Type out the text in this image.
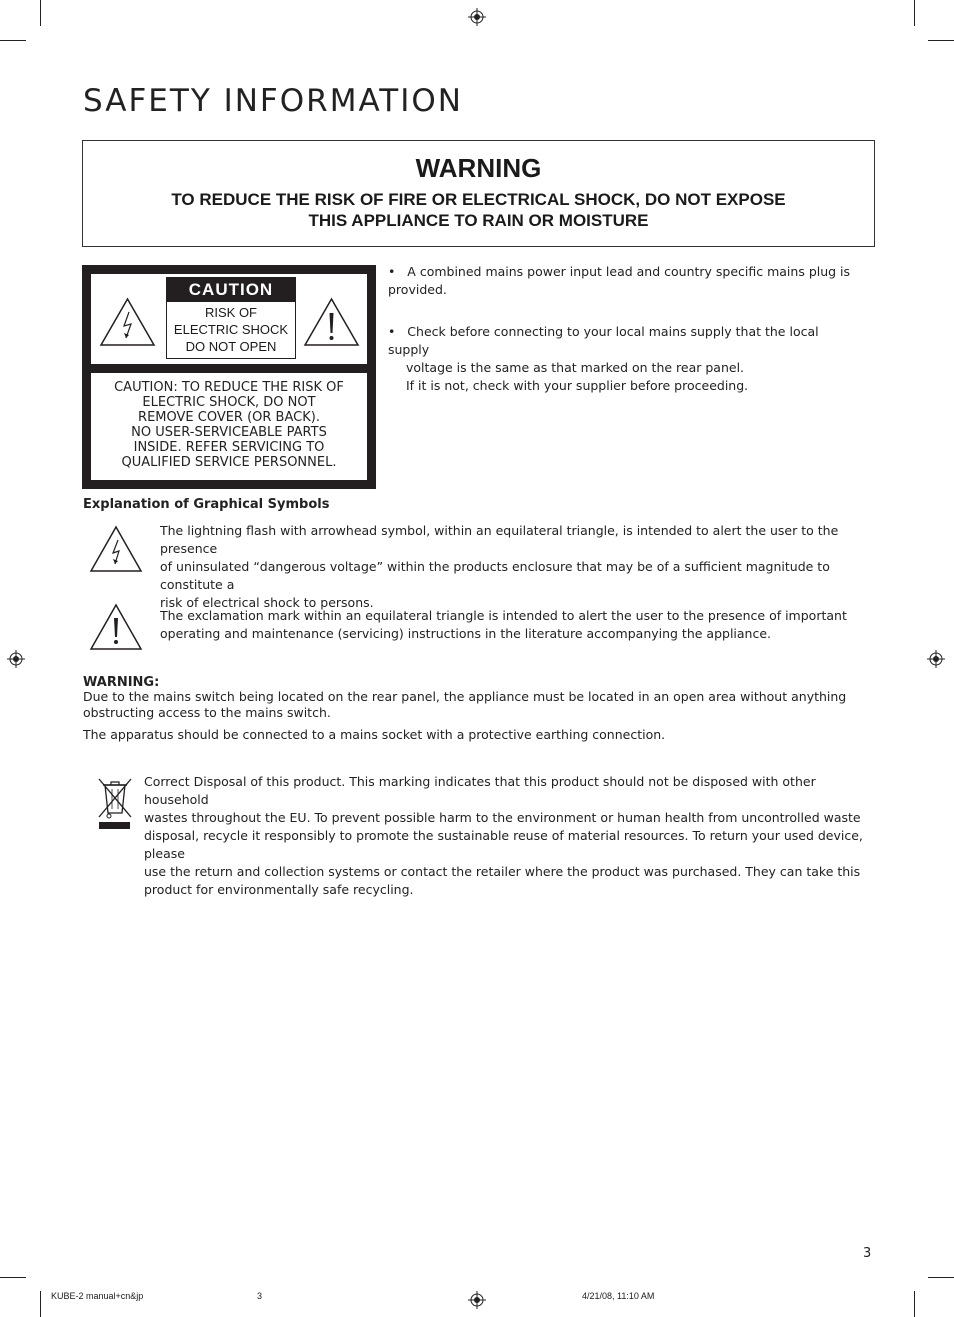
SAFETY INFORMATION
WARNING
TO REDUCE THE RISK OF FIRE OR ELECTRICAL SHOCK, DO NOT EXPOSE
THIS APPLIANCE TO RAIN OR MOISTURE
CAUTION
RISK OF
ELECTRIC SHOCK
DO NOT OPEN
CAUTION: TO REDUCE THE RISK OF
ELECTRIC SHOCK, DO NOT
REMOVE COVER (OR BACK).
NO USER-SERVICEABLE PARTS
INSIDE. REFER SERVICING TO
QUALIFIED SERVICE PERSONNEL.

• A combined mains power input lead and country specific mains plug is

provided.

• Check before connecting to your local mains supply that the local supply

voltage is the same as that marked on the rear panel.

If it is not, check with your supplier before proceeding.

Explanation of Graphical Symbols
The lightning flash with arrowhead symbol, within an equilateral triangle, is intended to alert the user to the presence
of uninsulated “dangerous voltage” within the products enclosure that may be of a sufficient magnitude to constitute a
risk of electrical shock to persons.
The exclamation mark within an equilateral triangle is intended to alert the user to the presence of important
operating and maintenance (servicing) instructions in the literature accompanying the appliance.
WARNING:
Due to the mains switch being located on the rear panel, the appliance must be located in an open area without anything
obstructing access to the mains switch.
The apparatus should be connected to a mains socket with a protective earthing connection.
Correct Disposal of this product. This marking indicates that this product should not be disposed with other household
wastes throughout the EU. To prevent possible harm to the environment or human health from uncontrolled waste
disposal, recycle it responsibly to promote the sustainable reuse of material resources. To return your used device, please
use the return and collection systems or contact the retailer where the product was purchased. They can take this
product for environmentally safe recycling.
3
KUBE-2 manual+cn&jp	3	4/21/08, 11:10 AM
